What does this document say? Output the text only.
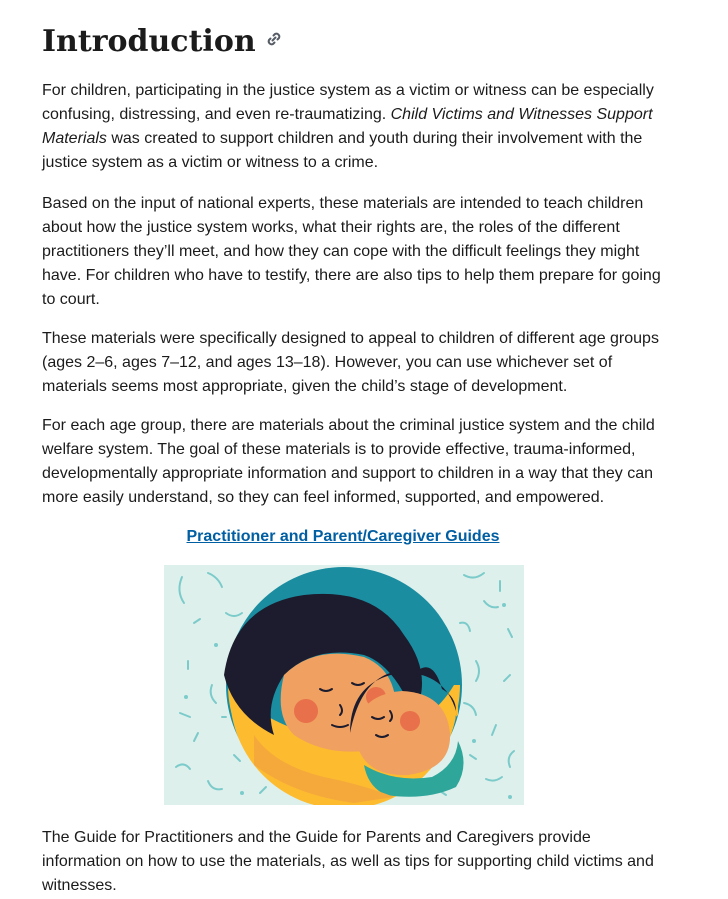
Introduction

For children, participating in the justice system as a victim or witness can be especially confusing, distressing, and even re-traumatizing. Child Victims and Witnesses Support Materials was created to support children and youth during their involvement with the justice system as a victim or witness to a crime.

Based on the input of national experts, these materials are intended to teach children about how the justice system works, what their rights are, the roles of the different practitioners they’ll meet, and how they can cope with the difficult feelings they might have. For children who have to testify, there are also tips to help them prepare for going to court.

These materials were specifically designed to appeal to children of different age groups (ages 2–6, ages 7–12, and ages 13–18). However, you can use whichever set of materials seems most appropriate, given the child’s stage of development.

For each age group, there are materials about the criminal justice system and the child welfare system. The goal of these materials is to provide effective, trauma-informed, developmentally appropriate information and support to children in a way that they can more easily understand, so they can feel informed, supported, and empowered.

Practitioner and Parent/Caregiver Guides

The Guide for Practitioners and the Guide for Parents and Caregivers provide information on how to use the materials, as well as tips for supporting child victims and witnesses.
